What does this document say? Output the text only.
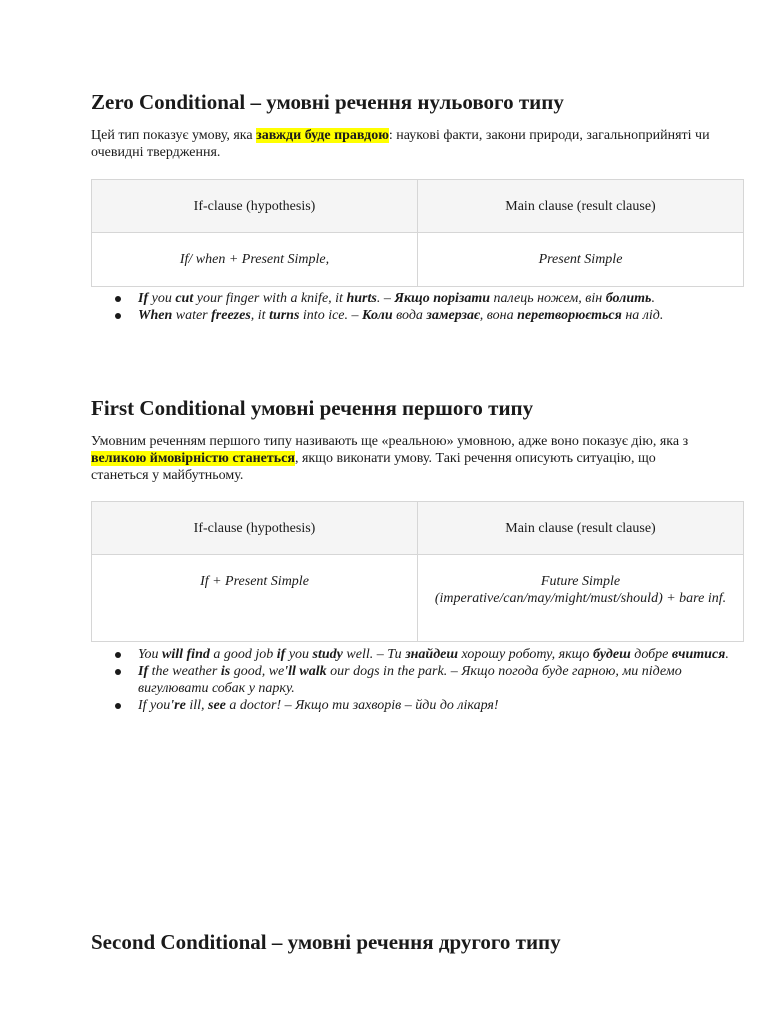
Zero Conditional – умовні речення нульового типу

Цей тип показує умову, яка завжди буде правдою: наукові факти, закони природи, загальноприйняті чи очевидні твердження.

If-clause (hypothesis)	Main clause (result clause)
If/ when + Present Simple,	Present Simple
If you cut your finger with a knife, it hurts. – Якщо порізати палець ножем, він болить.
When water freezes, it turns into ice. – Коли вода замерзає, вона перетворюється на лід.
First Conditional умовні речення першого типу

Умовним реченням першого типу називають ще «реальною» умовною, адже воно показує дію, яка з великою ймовірністю станеться, якщо виконати умову. Такі речення описують ситуацію, що станеться у майбутньому.

If-clause (hypothesis)	Main clause (result clause)
If + Present Simple	Future Simple (imperative/can/may/might/must/should) + bare inf.
You will find a good job if you study well. – Ти знайдеш хорошу роботу, якщо будеш добре вчитися.
If the weather is good, we'll walk our dogs in the park. – Якщо погода буде гарною, ми підемо вигулювати собак у парку.
If you're ill, see a doctor! – Якщо ти захворів – йди до лікаря!
Second Conditional – умовні речення другого типу
